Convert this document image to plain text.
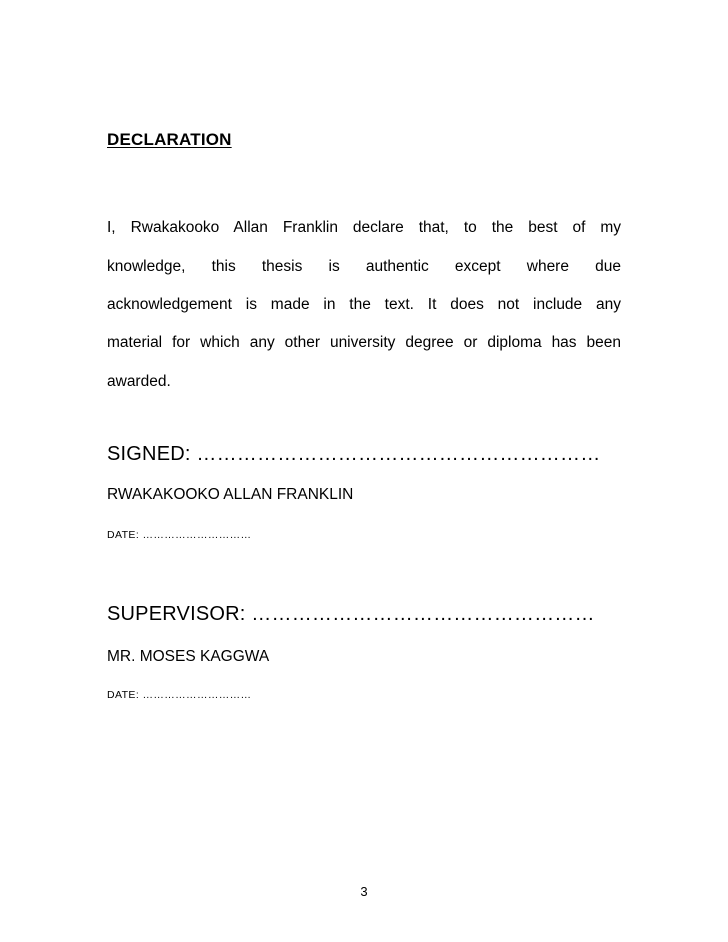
DECLARATION
I, Rwakakooko Allan Franklin declare that, to the best of my
knowledge, this thesis is authentic except where due
acknowledgement is made in the text. It does not include any
material for which any other university degree or diploma has been
awarded.
SIGNED: ……………………………………………………
RWAKAKOOKO ALLAN FRANKLIN
DATE: …………………………
SUPERVISOR: ……………………………………………
MR. MOSES KAGGWA
DATE: …………………………
3
